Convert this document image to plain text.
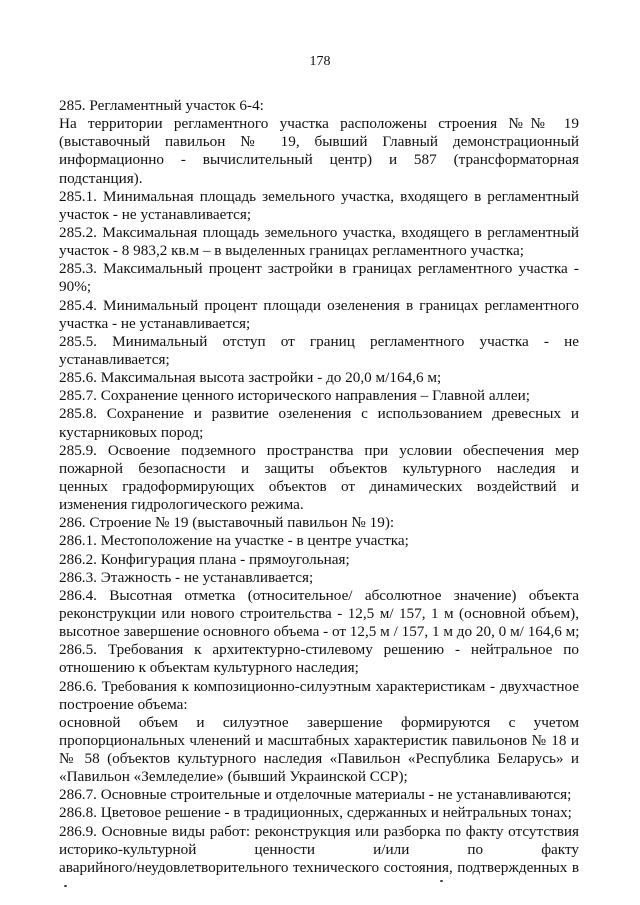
178
285. Регламентный участок 6-4:
На территории регламентного участка расположены строения №№ 19
(выставочный павильон № 19, бывший Главный демонстрационный
информационно - вычислительный центр) и 587 (трансформаторная
подстанция).
285.1. Минимальная площадь земельного участка, входящего в регламентный
участок - не устанавливается;
285.2. Максимальная площадь земельного участка, входящего в регламентный
участок - 8 983,2 кв.м – в выделенных границах регламентного участка;
285.3. Максимальный процент застройки в границах регламентного участка -
90%;
285.4. Минимальный процент площади озеленения в границах регламентного
участка - не устанавливается;
285.5. Минимальный отступ от границ регламентного участка - не
устанавливается;
285.6. Максимальная высота застройки - до 20,0 м/164,6 м;
285.7. Сохранение ценного исторического направления – Главной аллеи;
285.8. Сохранение и развитие озеленения с использованием древесных и
кустарниковых пород;
285.9. Освоение подземного пространства при условии обеспечения мер
пожарной безопасности и защиты объектов культурного наследия и
ценных градоформирующих объектов от динамических воздействий и
изменения гидрологического режима.
286. Строение № 19 (выставочный павильон № 19):
286.1. Местоположение на участке - в центре участка;
286.2. Конфигурация плана - прямоугольная;
286.3. Этажность - не устанавливается;
286.4. Высотная отметка (относительное/ абсолютное значение) объекта
реконструкции или нового строительства - 12,5 м/ 157, 1 м (основной объем),
высотное завершение основного объема - от 12,5 м / 157, 1 м до 20, 0 м/ 164,6 м;
286.5. Требования к архитектурно-стилевому решению - нейтральное по
отношению к объектам культурного наследия;
286.6. Требования к композиционно-силуэтным характеристикам - двухчастное
построение объема:
основной объем и силуэтное завершение формируются с учетом
пропорциональных членений и масштабных характеристик павильонов № 18 и
№ 58 (объектов культурного наследия «Павильон «Республика Беларусь» и
«Павильон «Земледелие» (бывший Украинской ССР);
286.7. Основные строительные и отделочные материалы - не устанавливаются;
286.8. Цветовое решение - в традиционных, сдержанных и нейтральных тонах;
286.9. Основные виды работ: реконструкция или разборка по факту отсутствия
историко-культурной ценности и/или по факту
аварийного/неудовлетворительного технического состояния, подтвержденных в
